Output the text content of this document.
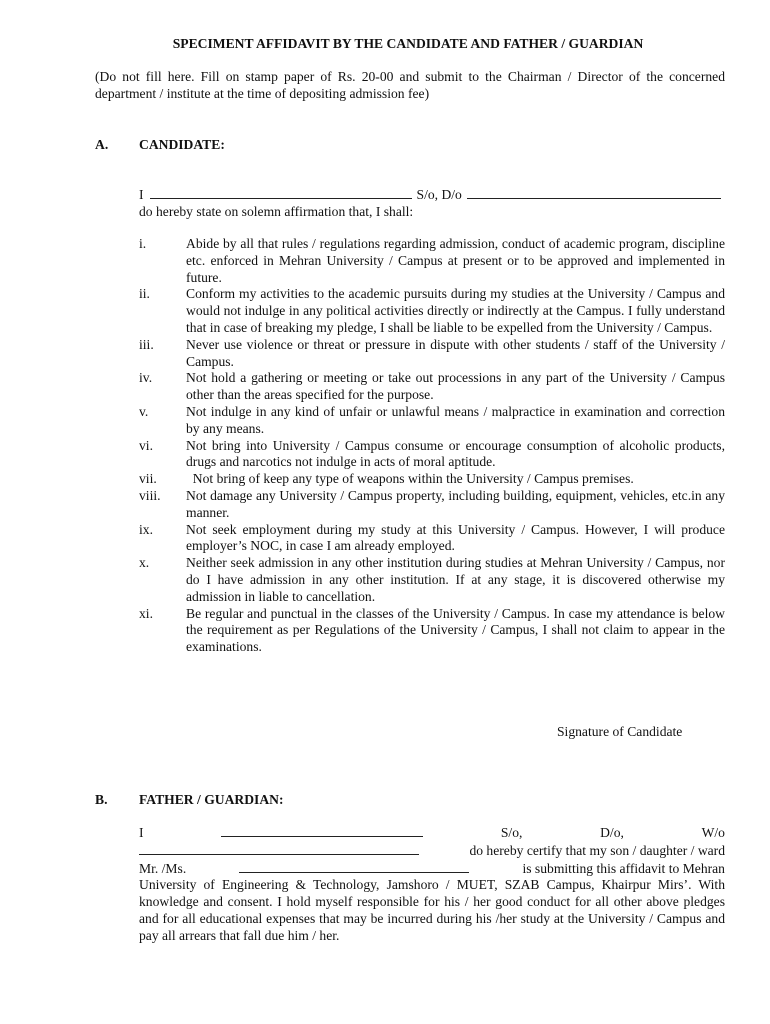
SPECIMENT AFFIDAVIT BY THE CANDIDATE AND FATHER / GUARDIAN
(Do not fill here. Fill on stamp paper of Rs. 20-00 and submit to the Chairman / Director of the concerned department / institute at the time of depositing admission fee)
A. CANDIDATE:
I	S/o, D/o
do hereby state on solemn affirmation that, I shall:
i.	Abide by all that rules / regulations regarding admission, conduct of academic program, discipline etc. enforced in Mehran University / Campus at present or to be approved and implemented in future.
ii.	Conform my activities to the academic pursuits during my studies at the University / Campus and would not indulge in any political activities directly or indirectly at the Campus. I fully understand that in case of breaking my pledge, I shall be liable to be expelled from the University / Campus.
iii.	Never use violence or threat or pressure in dispute with other students / staff of the University / Campus.
iv.	Not hold a gathering or meeting or take out processions in any part of the University / Campus other than the areas specified for the purpose.
v.	Not indulge in any kind of unfair or unlawful means / malpractice in examination and correction by any means.
vi.	Not bring into University / Campus consume or encourage consumption of alcoholic products, drugs and narcotics not indulge in acts of moral aptitude.
vii.	Not bring of keep any type of weapons within the University / Campus premises.
viii.	Not damage any University / Campus property, including building, equipment, vehicles, etc.in any manner.
ix.	Not seek employment during my study at this University / Campus. However, I will produce employer’s NOC, in case I am already employed.
x.	Neither seek admission in any other institution during studies at Mehran University / Campus, nor do I have admission in any other institution. If at any stage, it is discovered otherwise my admission in liable to cancellation.
xi.	Be regular and punctual in the classes of the University / Campus. In case my attendance is below the requirement as per Regulations of the University / Campus, I shall not claim to appear in the examinations.
Signature of Candidate
B. FATHER / GUARDIAN:
I	S/o,	D/o,	W/o
do hereby certify that my son / daughter / ward
Mr. /Ms.	is submitting this affidavit to Mehran
University of Engineering & Technology, Jamshoro / MUET, SZAB Campus, Khairpur Mirs’. With knowledge and consent. I hold myself responsible for his / her good conduct for all other above pledges and for all educational expenses that may be incurred during his /her study at the University / Campus and pay all arrears that fall due him / her.
